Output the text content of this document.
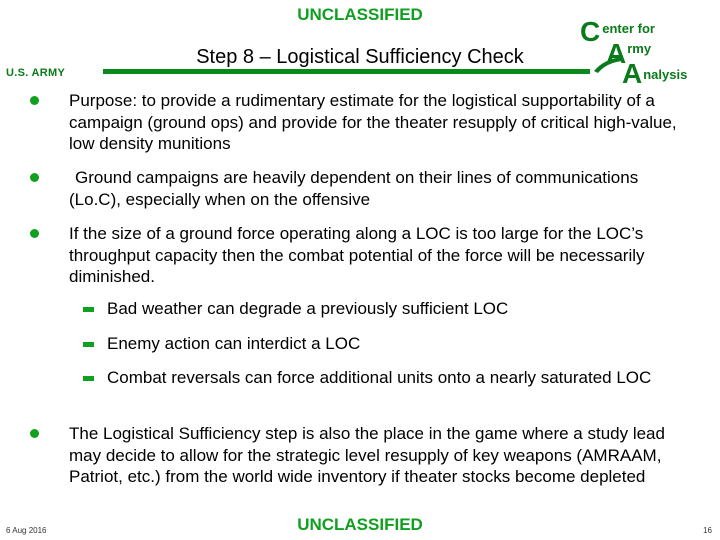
UNCLASSIFIED
U.S. ARMY
Step 8 – Logistical Sufficiency Check
C $^{enter for}$
$A^{rmy}$
$A^{nalysis}$
Purpose: to provide a rudimentary estimate for the logistical supportability of a campaign (ground ops) and provide for the theater resupply of critical high-value, low density munitions
Ground campaigns are heavily dependent on their lines of communications (Lo.C), especially when on the offensive
If the size of a ground force operating along a LOC is too large for the LOC’s throughput capacity then the combat potential of the force will be necessarily diminished.
Bad weather can degrade a previously sufficient LOC
Enemy action can interdict a LOC
Combat reversals can force additional units onto a nearly saturated LOC
The Logistical Sufficiency step is also the place in the game where a study lead may decide to allow for the strategic level resupply of key weapons (AMRAAM, Patriot, etc.) from the world wide inventory if theater stocks become depleted
6 Aug 2016	UNCLASSIFIED	16
